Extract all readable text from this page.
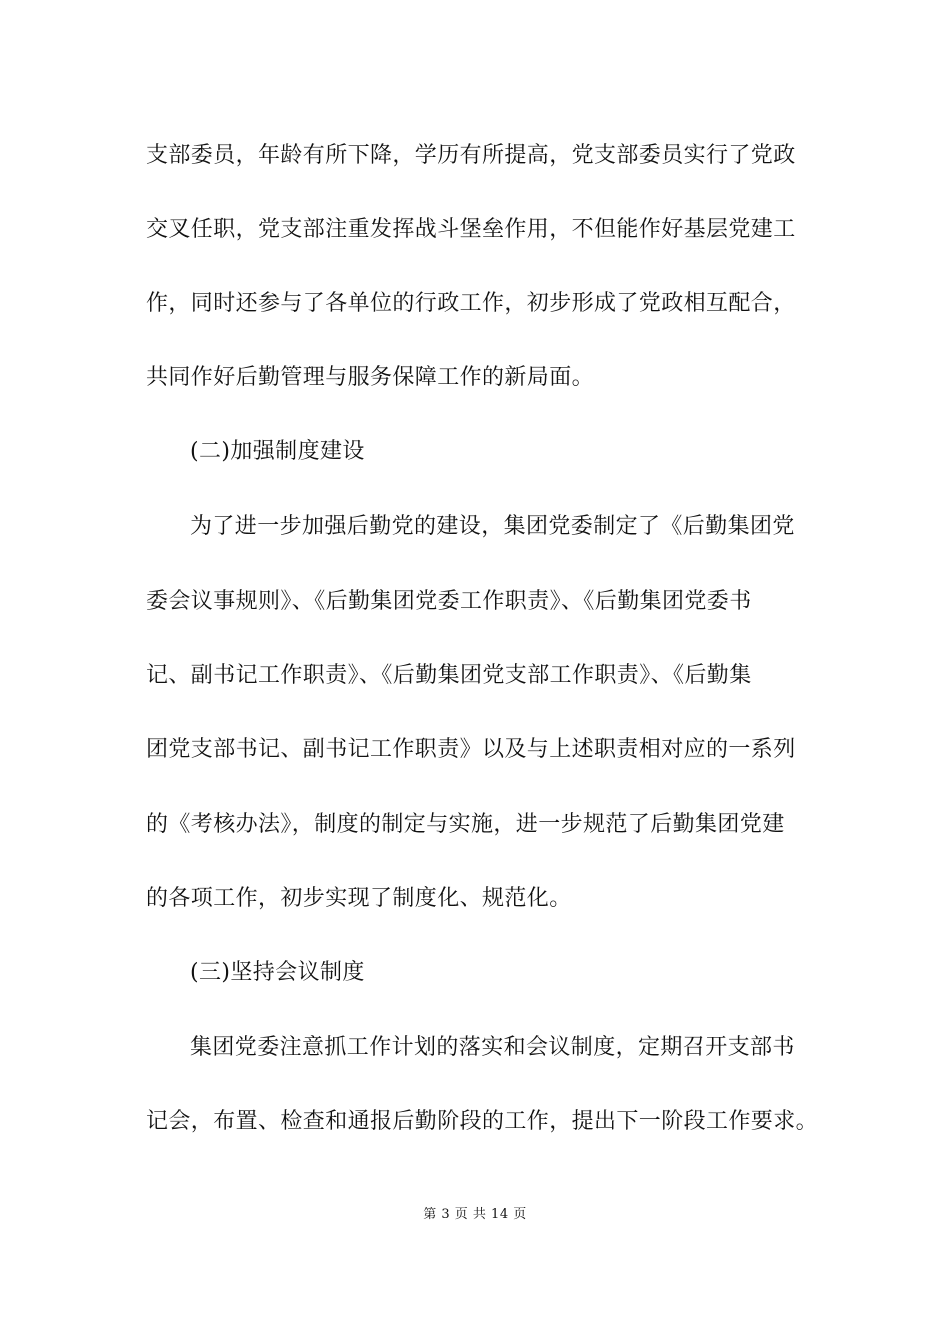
支部委员，年龄有所下降，学历有所提高，党支部委员实行了党政
交叉任职，党支部注重发挥战斗堡垒作用，不但能作好基层党建工
作，同时还参与了各单位的行政工作，初步形成了党政相互配合，
共同作好后勤管理与服务保障工作的新局面。
(二)加强制度建设
为了进一步加强后勤党的建设，集团党委制定了《后勤集团党
委会议事规则》、《后勤集团党委工作职责》、《后勤集团党委书
记、副书记工作职责》、《后勤集团党支部工作职责》、《后勤集
团党支部书记、副书记工作职责》以及与上述职责相对应的一系列
的《考核办法》，制度的制定与实施，进一步规范了后勤集团党建
的各项工作，初步实现了制度化、规范化。
(三)坚持会议制度
集团党委注意抓工作计划的落实和会议制度，定期召开支部书
记会，布置、检查和通报后勤阶段的工作，提出下一阶段工作要求。
第 3 页 共 14 页
